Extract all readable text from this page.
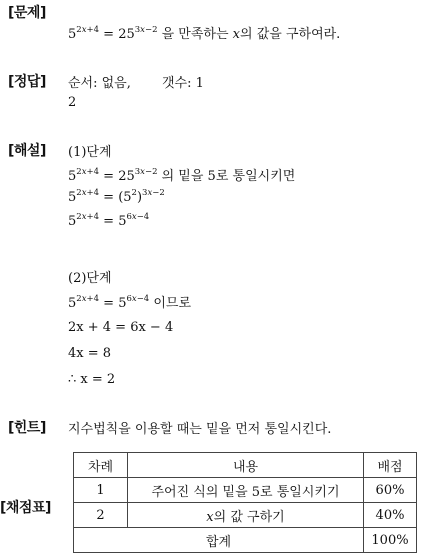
[문제]
[정답]
[해설]
[힌트]
[채점표]
$5^{2x+4} = 25^{3x-2}$ 을 만족하는 x의 값을 구하여라.
순서: 없음, 갯수: 1
2
(1)단계
$5^{2x+4} = 25^{3x-2}$ 의 밑을 5로 통일시키면
$5^{2x+4} = (5^2)^{3x-2}$
$5^{2x+4} = 5^{6x-4}$
(2)단계
$5^{2x+4} = 5^{6x-4}$ 이므로
2x + 4 = 6x − 4
4x = 8
∴ x = 2
지수법칙을 이용할 때는 밑을 먼저 통일시킨다.
차례	내용	배점
1	주어진 식의 밑을 5로 통일시키기	60%
2	x의 값 구하기	40%
합계		100%
